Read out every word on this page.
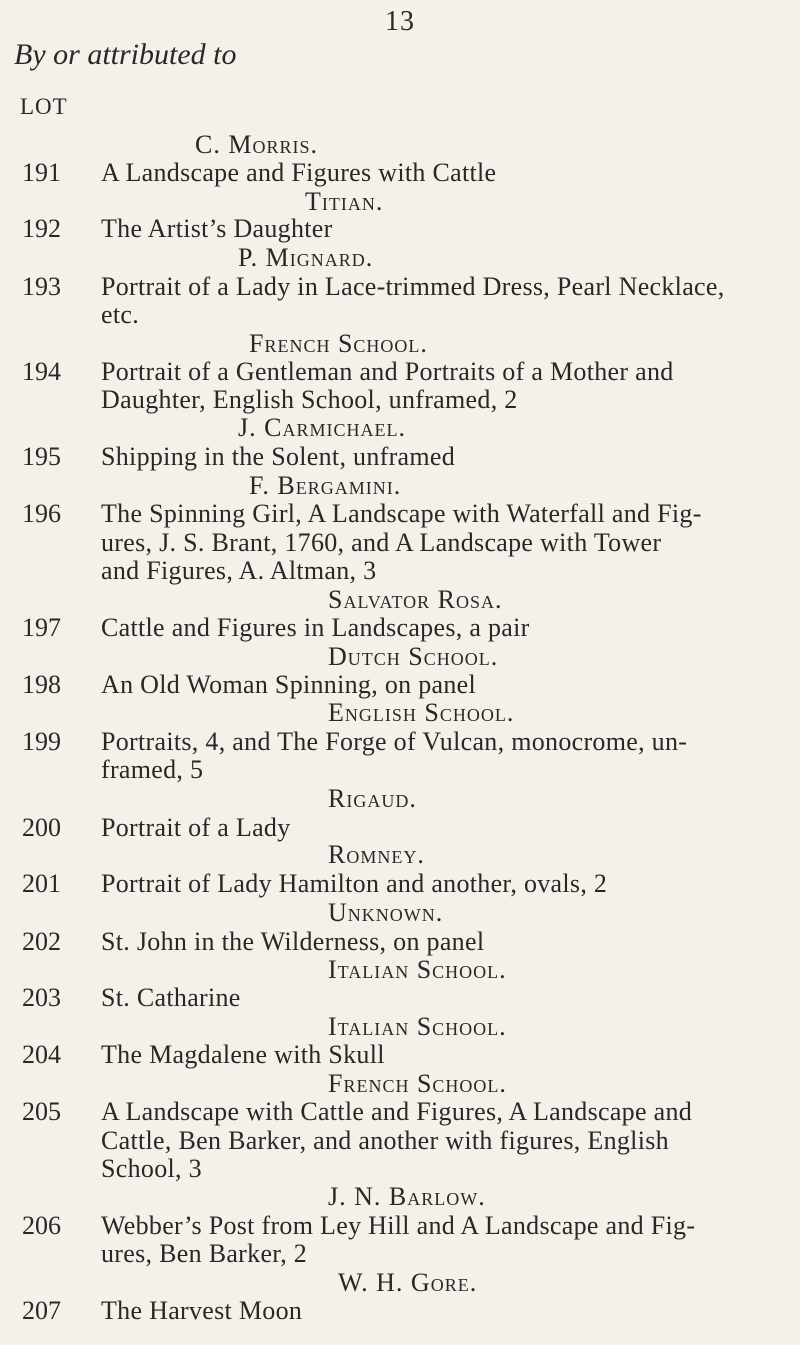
13
By or attributed to
LOT
C. Morris.
191 A Landscape and Figures with Cattle
Titian.
192 The Artist’s Daughter
P. Mignard.
193 Portrait of a Lady in Lace-trimmed Dress, Pearl Necklace,
etc.
French School.
194 Portrait of a Gentleman and Portraits of a Mother and
Daughter, English School, unframed, 2
J. Carmichael.
195 Shipping in the Solent, unframed
F. Bergamini.
196 The Spinning Girl, A Landscape with Waterfall and Fig-
ures, J. S. Brant, 1760, and A Landscape with Tower
and Figures, A. Altman, 3
Salvator Rosa.
197 Cattle and Figures in Landscapes, a pair
Dutch School.
198 An Old Woman Spinning, on panel
English School.
199 Portraits, 4, and The Forge of Vulcan, monocrome, un-
framed, 5
Rigaud.
200 Portrait of a Lady
Romney.
201 Portrait of Lady Hamilton and another, ovals, 2
Unknown.
202 St. John in the Wilderness, on panel
Italian School.
203 St. Catharine
Italian School.
204 The Magdalene with Skull
French School.
205 A Landscape with Cattle and Figures, A Landscape and
Cattle, Ben Barker, and another with figures, English
School, 3
J. N. Barlow.
206 Webber’s Post from Ley Hill and A Landscape and Fig-
ures, Ben Barker, 2
W. H. Gore.
207 The Harvest Moon
